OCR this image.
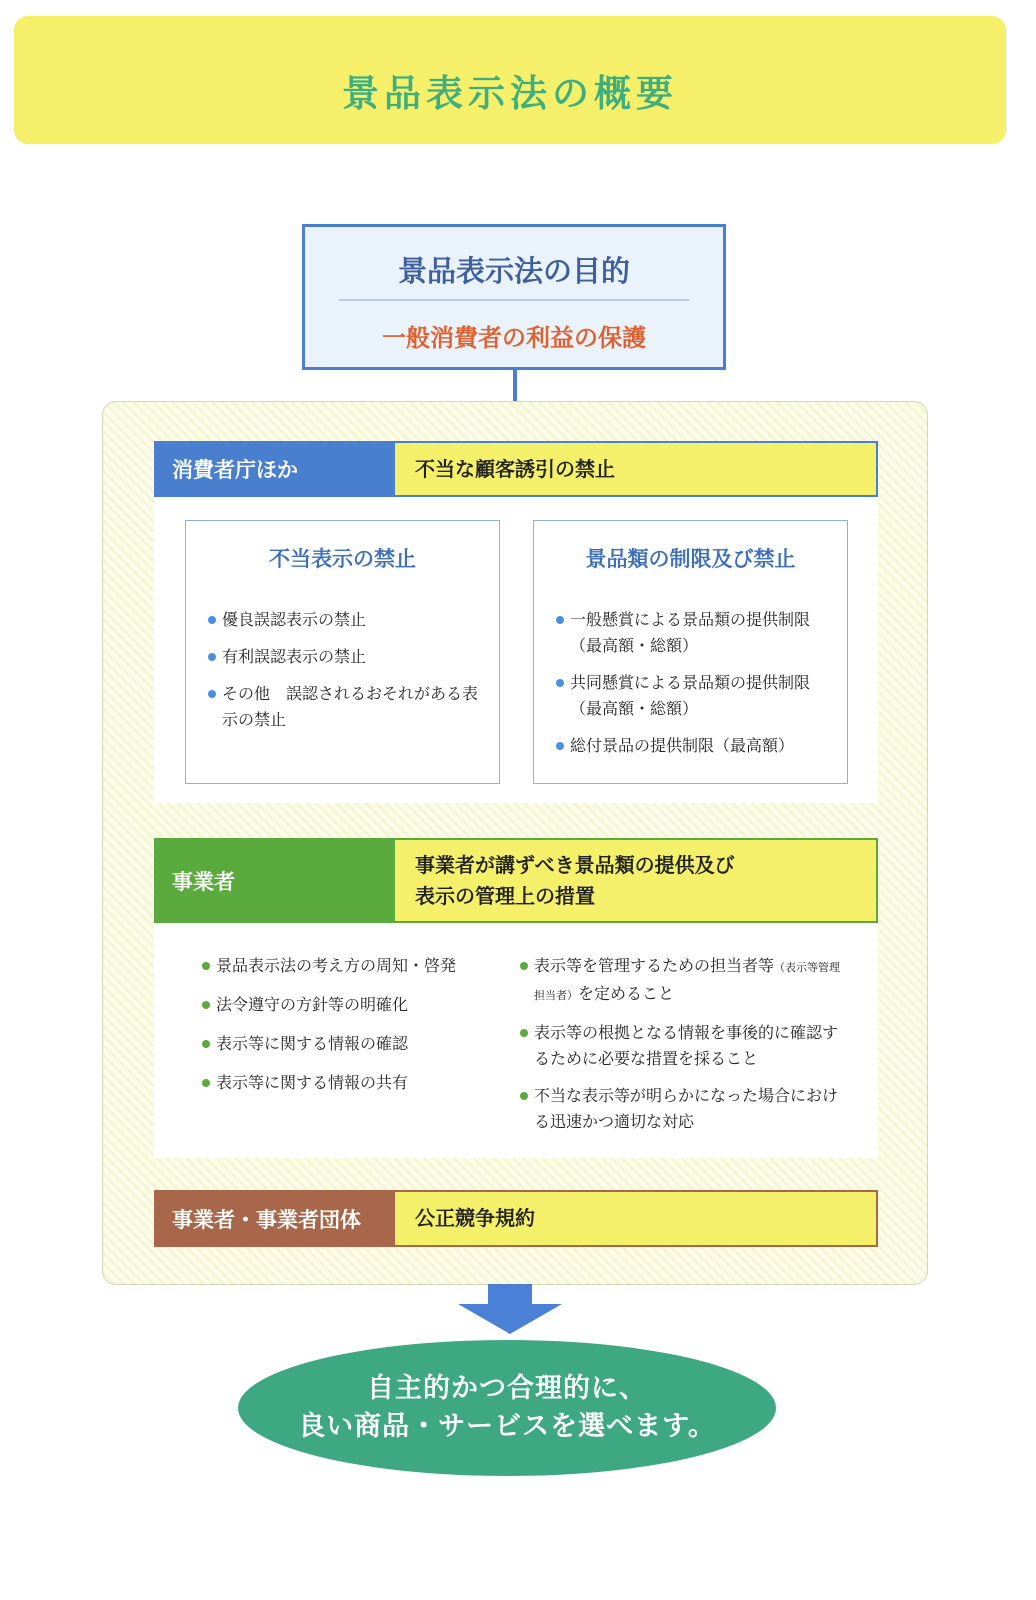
景品表示法の概要
景品表示法の目的
一般消費者の利益の保護
消費者庁ほか	不当な顧客誘引の禁止
不当表示の禁止
優良誤認表示の禁止
有利誤認表示の禁止
その他　誤認されるおそれがある表示の禁止
景品類の制限及び禁止
一般懸賞による景品類の提供制限（最高額・総額）
共同懸賞による景品類の提供制限（最高額・総額）
総付景品の提供制限（最高額）
事業者
事業者が講ずべき景品類の提供及び
表示の管理上の措置
景品表示法の考え方の周知・啓発
法令遵守の方針等の明確化
表示等に関する情報の確認
表示等に関する情報の共有
表示等を管理するための担当者等（表示等管理担当者）を定めること
表示等の根拠となる情報を事後的に確認するために必要な措置を採ること
不当な表示等が明らかになった場合における迅速かつ適切な対応
事業者・事業者団体	公正競争規約
自主的かつ合理的に、
良い商品・サービスを選べます。
